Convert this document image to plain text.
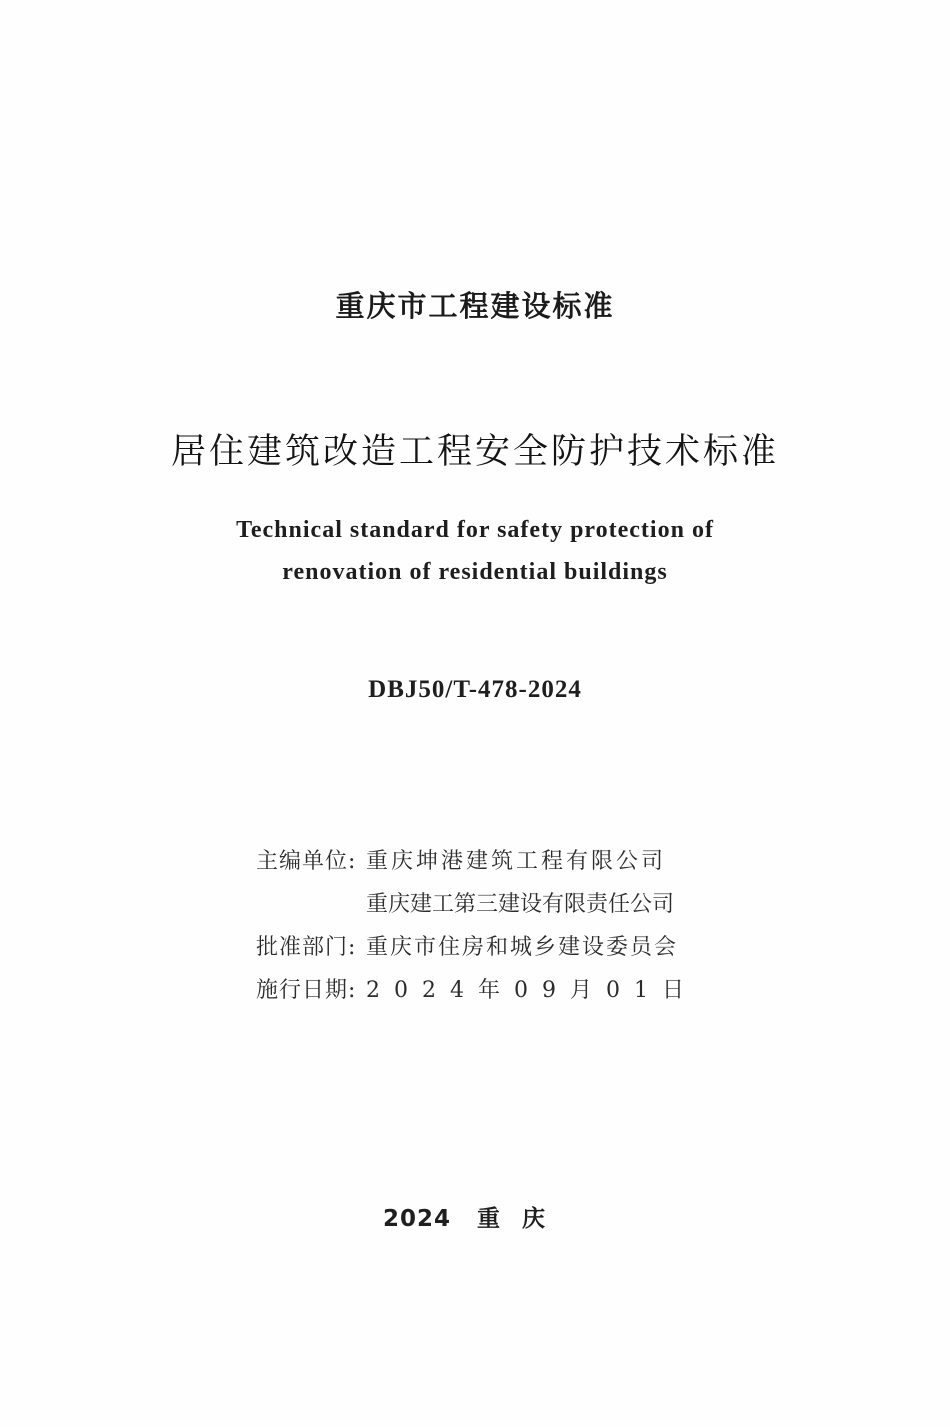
重庆市工程建设标准
居住建筑改造工程安全防护技术标准
Technical standard for safety protection of
renovation of residential buildings
DBJ50/T-478-2024
主编单位: 重庆坤港建筑工程有限公司
重庆建工第三建设有限责任公司
批准部门: 重庆市住房和城乡建设委员会
施行日期: 2024年09月01日
2024 重庆
